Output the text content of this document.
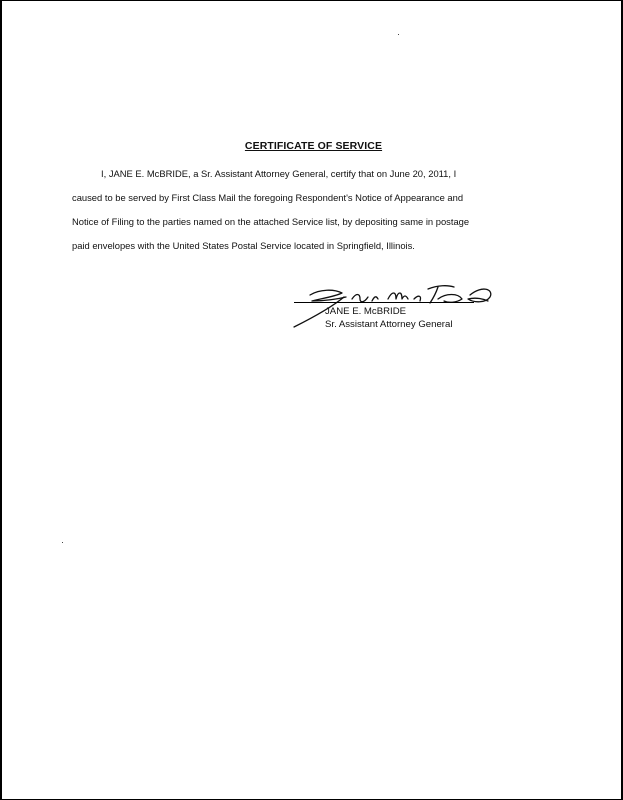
CERTIFICATE OF SERVICE
I, JANE E. McBRIDE, a Sr. Assistant Attorney General, certify that on June 20, 2011, I
caused to be served by First Class Mail the foregoing Respondent's Notice of Appearance and
Notice of Filing to the parties named on the attached Service list, by depositing same in postage
paid envelopes with the United States Postal Service located in Springfield, Illinois.
JANE E. McBRIDE
Sr. Assistant Attorney General
